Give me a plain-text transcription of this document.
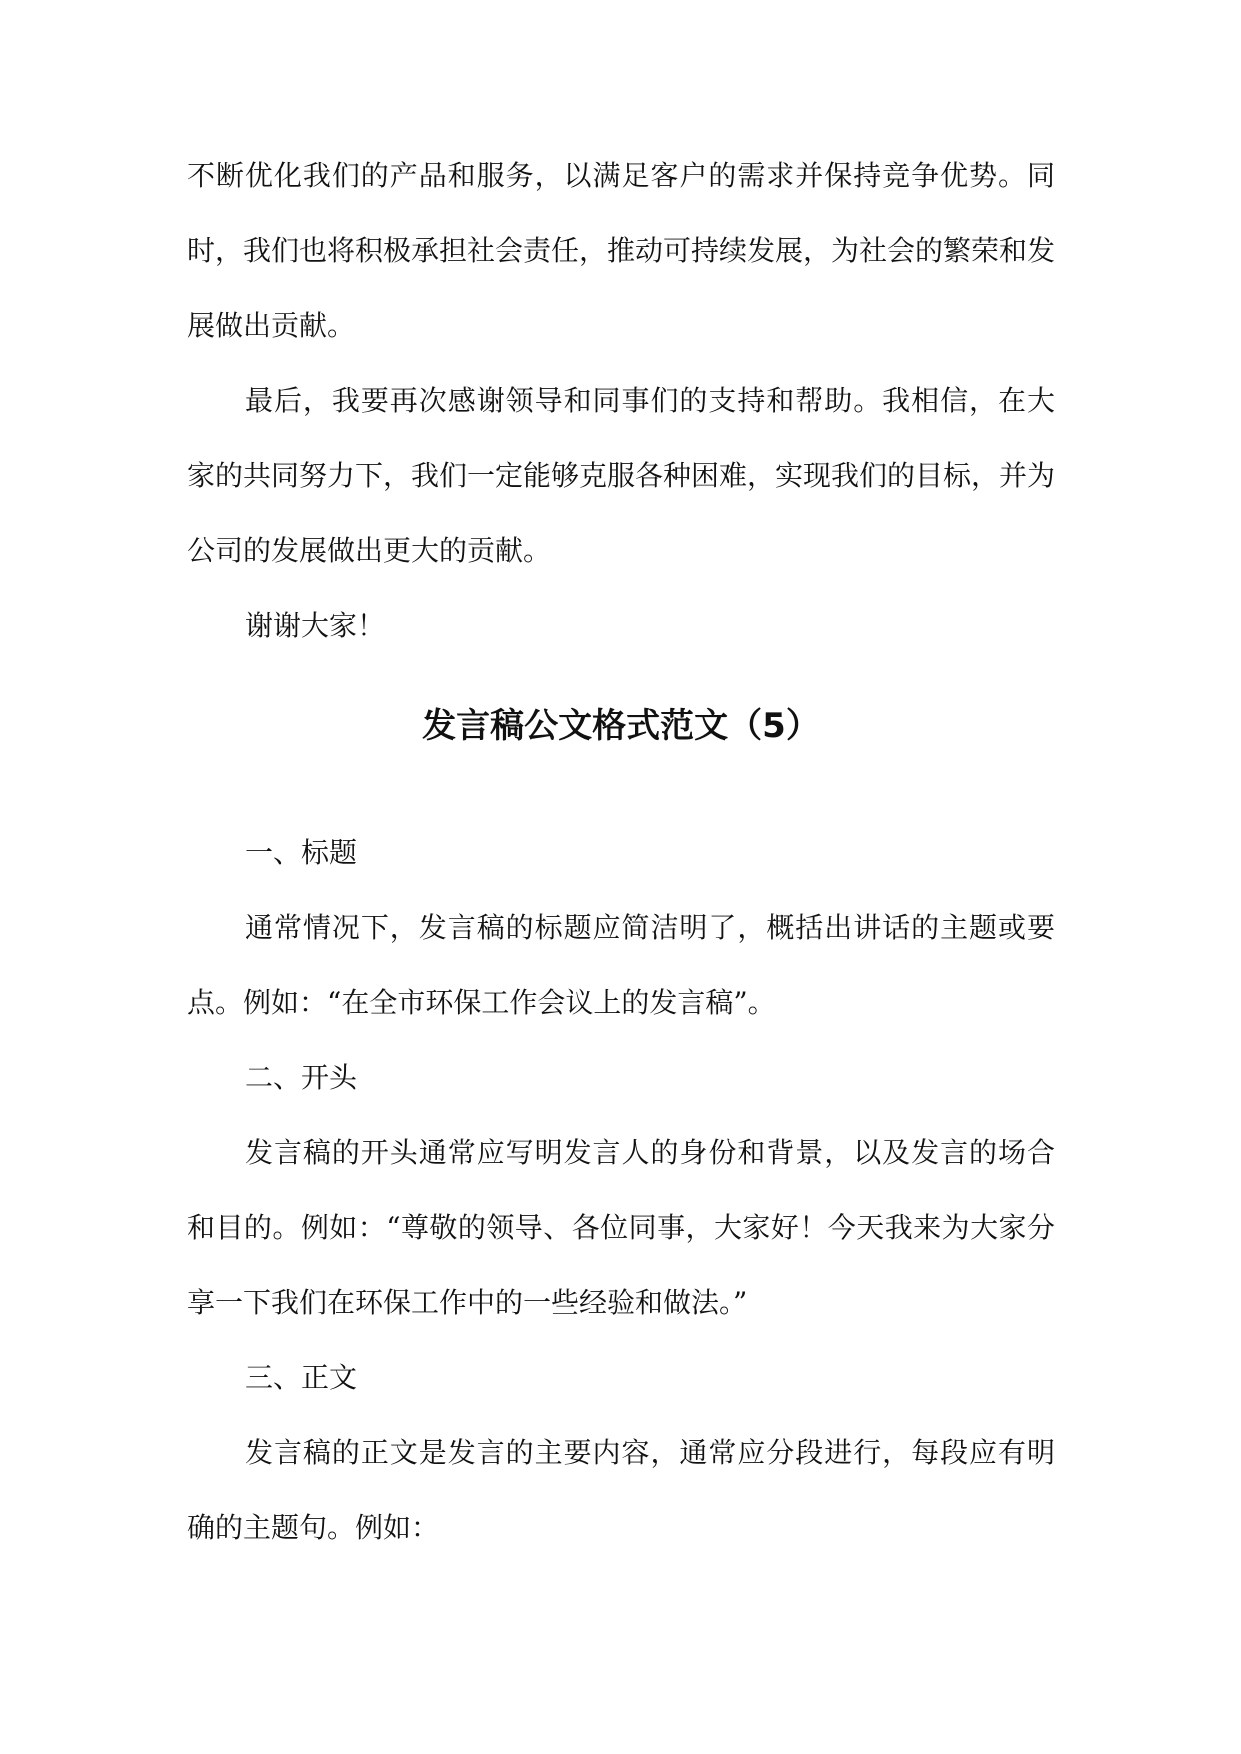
不断优化我们的产品和服务，以满足客户的需求并保持竞争优势。同时，我们也将积极承担社会责任，推动可持续发展，为社会的繁荣和发展做出贡献。

最后，我要再次感谢领导和同事们的支持和帮助。我相信，在大家的共同努力下，我们一定能够克服各种困难，实现我们的目标，并为公司的发展做出更大的贡献。

谢谢大家！

发言稿公文格式范文（5）

一、标题

通常情况下，发言稿的标题应简洁明了，概括出讲话的主题或要点。例如：“在全市环保工作会议上的发言稿”。

二、开头

发言稿的开头通常应写明发言人的身份和背景，以及发言的场合和目的。例如：“尊敬的领导、各位同事，大家好！今天我来为大家分享一下我们在环保工作中的一些经验和做法。”

三、正文

发言稿的正文是发言的主要内容，通常应分段进行，每段应有明确的主题句。例如：
